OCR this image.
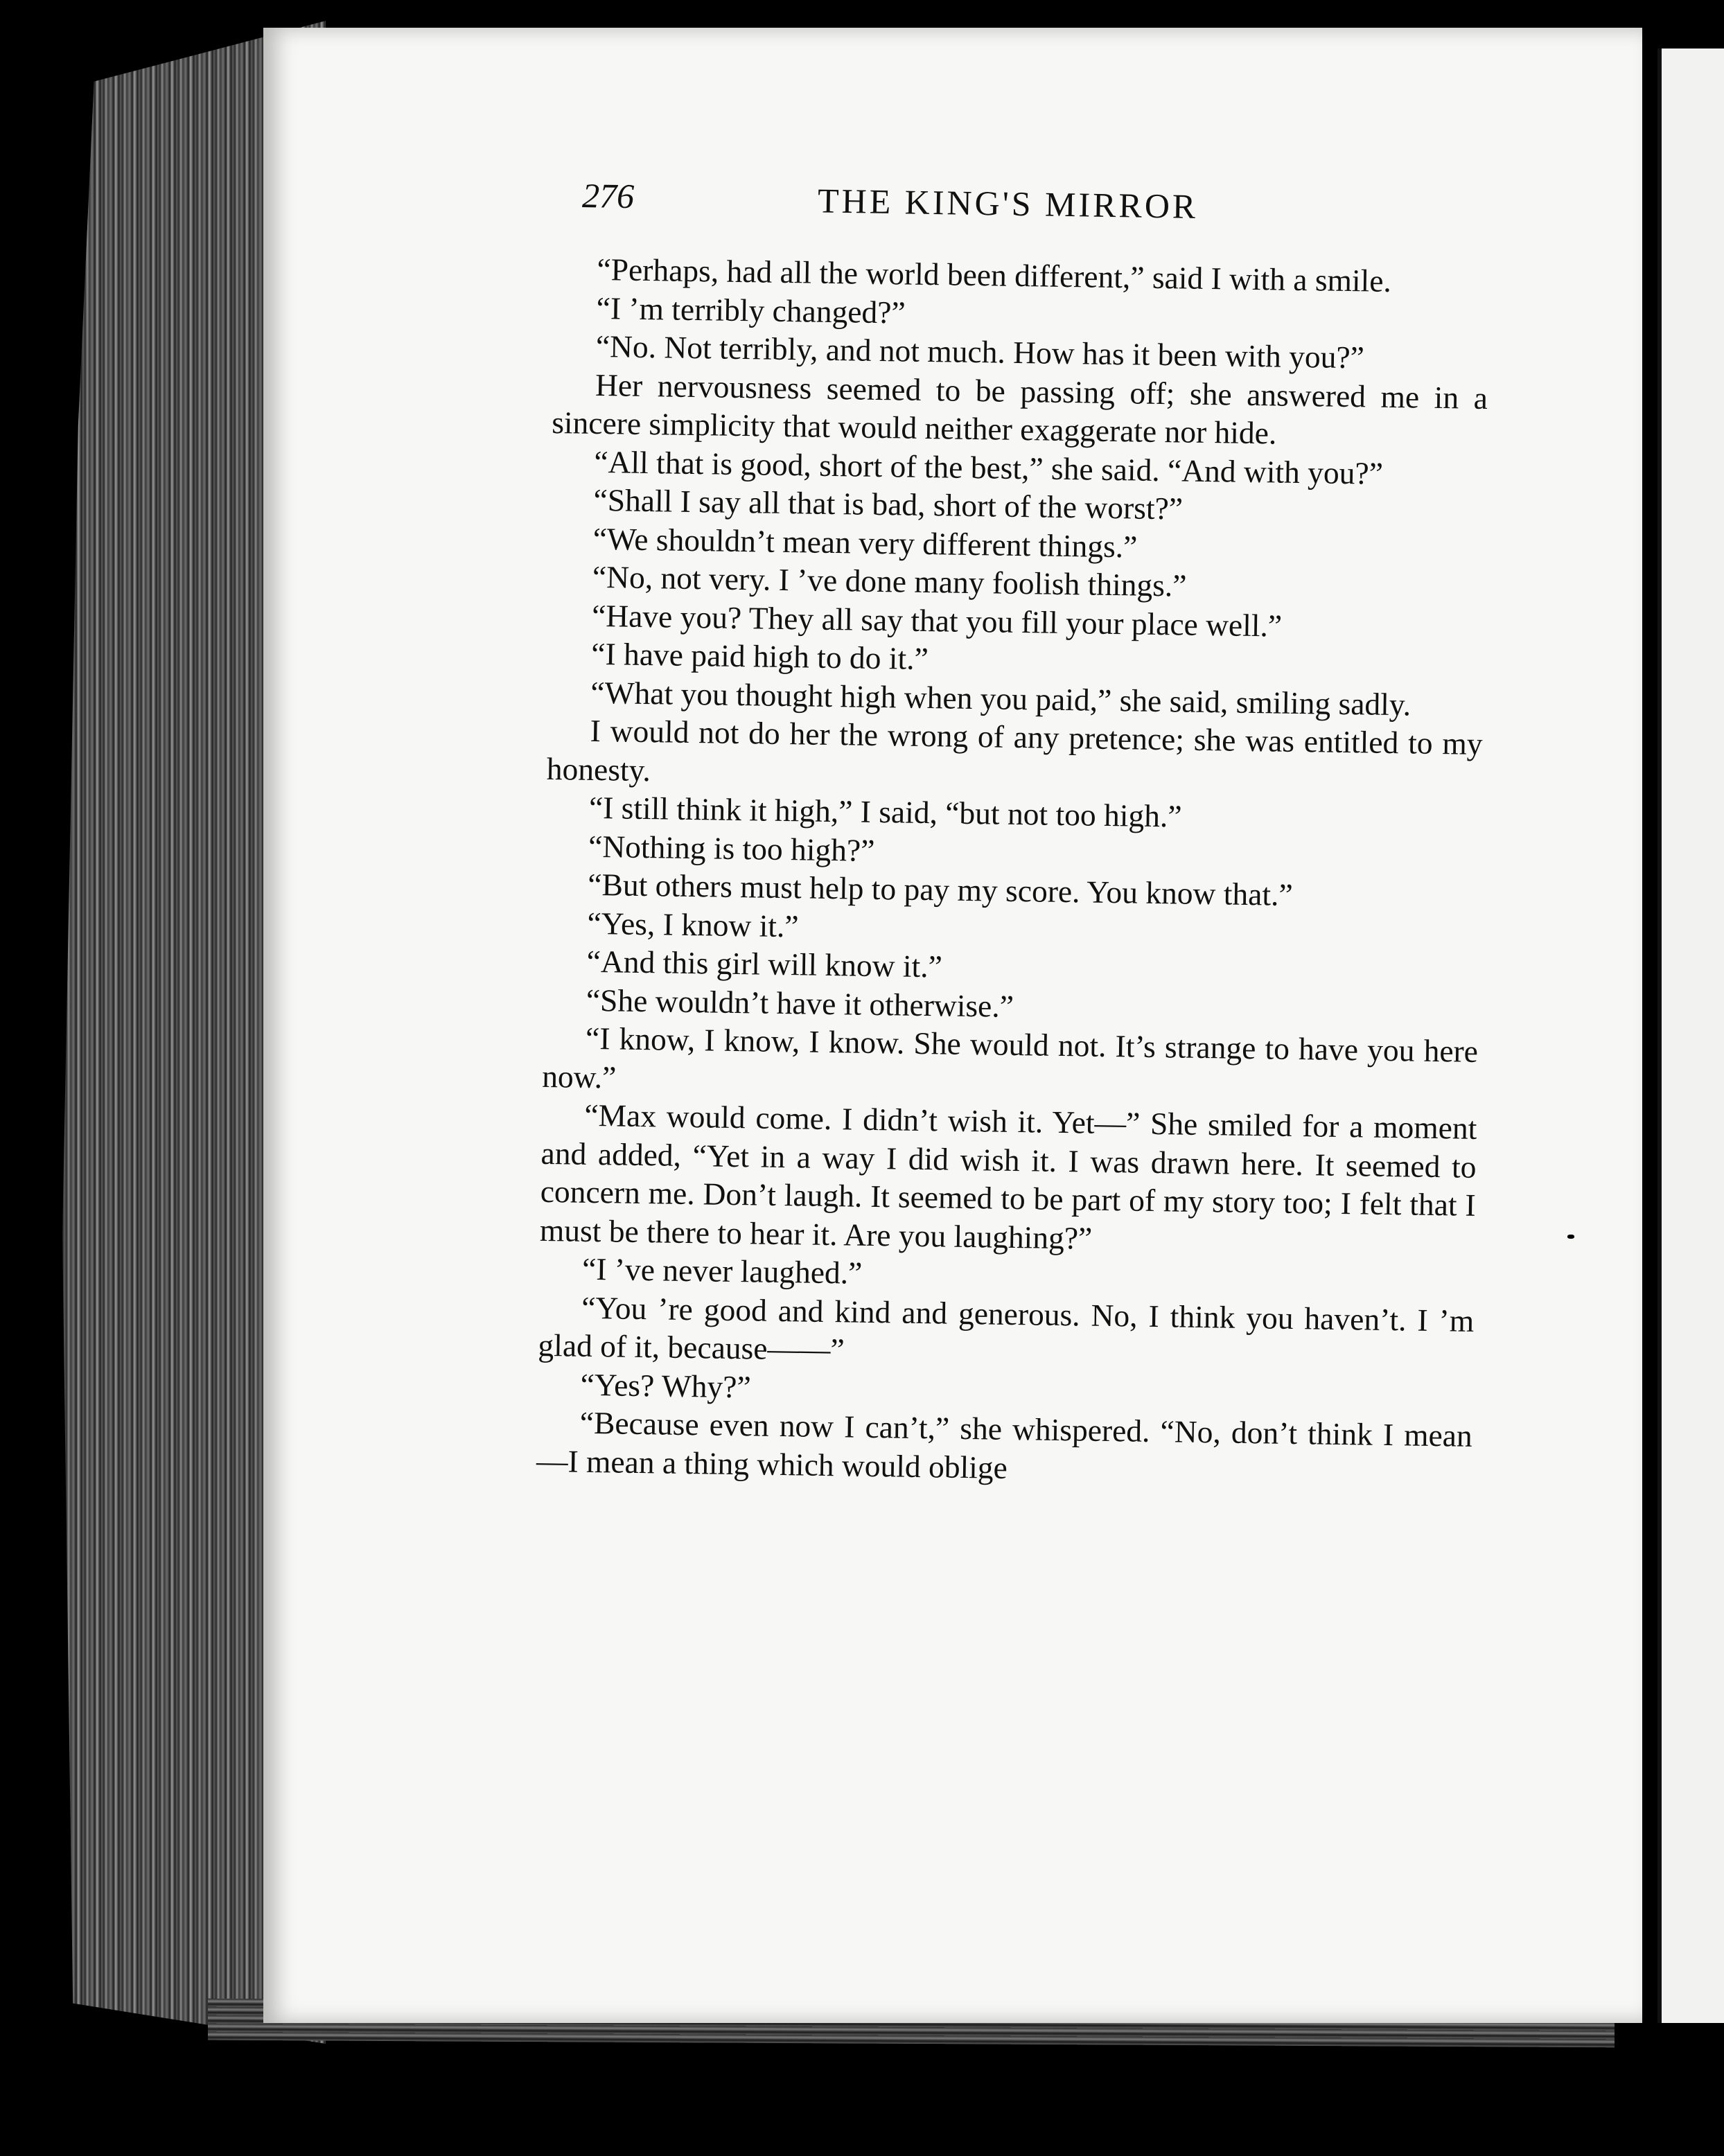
276	THE KING'S MIRROR

“Perhaps, had all the world been different,” said I with a smile.

“I ’m terribly changed?”

“No. Not terribly, and not much. How has it been with you?”

Her nervousness seemed to be passing off; she answered me in a sincere simplicity that would neither exaggerate nor hide.

“All that is good, short of the best,” she said. “And with you?”

“Shall I say all that is bad, short of the worst?”

“We shouldn’t mean very different things.”

“No, not very. I ’ve done many foolish things.”

“Have you? They all say that you fill your place well.”

“I have paid high to do it.”

“What you thought high when you paid,” she said, smiling sadly.

I would not do her the wrong of any pretence; she was entitled to my honesty.

“I still think it high,” I said, “but not too high.”

“Nothing is too high?”

“But others must help to pay my score. You know that.”

“Yes, I know it.”

“And this girl will know it.”

“She wouldn’t have it otherwise.”

“I know, I know, I know. She would not. It’s strange to have you here now.”

“Max would come. I didn’t wish it. Yet—” She smiled for a moment and added, “Yet in a way I did wish it. I was drawn here. It seemed to concern me. Don’t laugh. It seemed to be part of my story too; I felt that I must be there to hear it. Are you laughing?”

“I ’ve never laughed.”

“You ’re good and kind and generous. No, I think you haven’t. I ’m glad of it, because——”

“Yes? Why?”

“Because even now I can’t,” she whispered. “No, don’t think I mean—I mean a thing which would oblige
